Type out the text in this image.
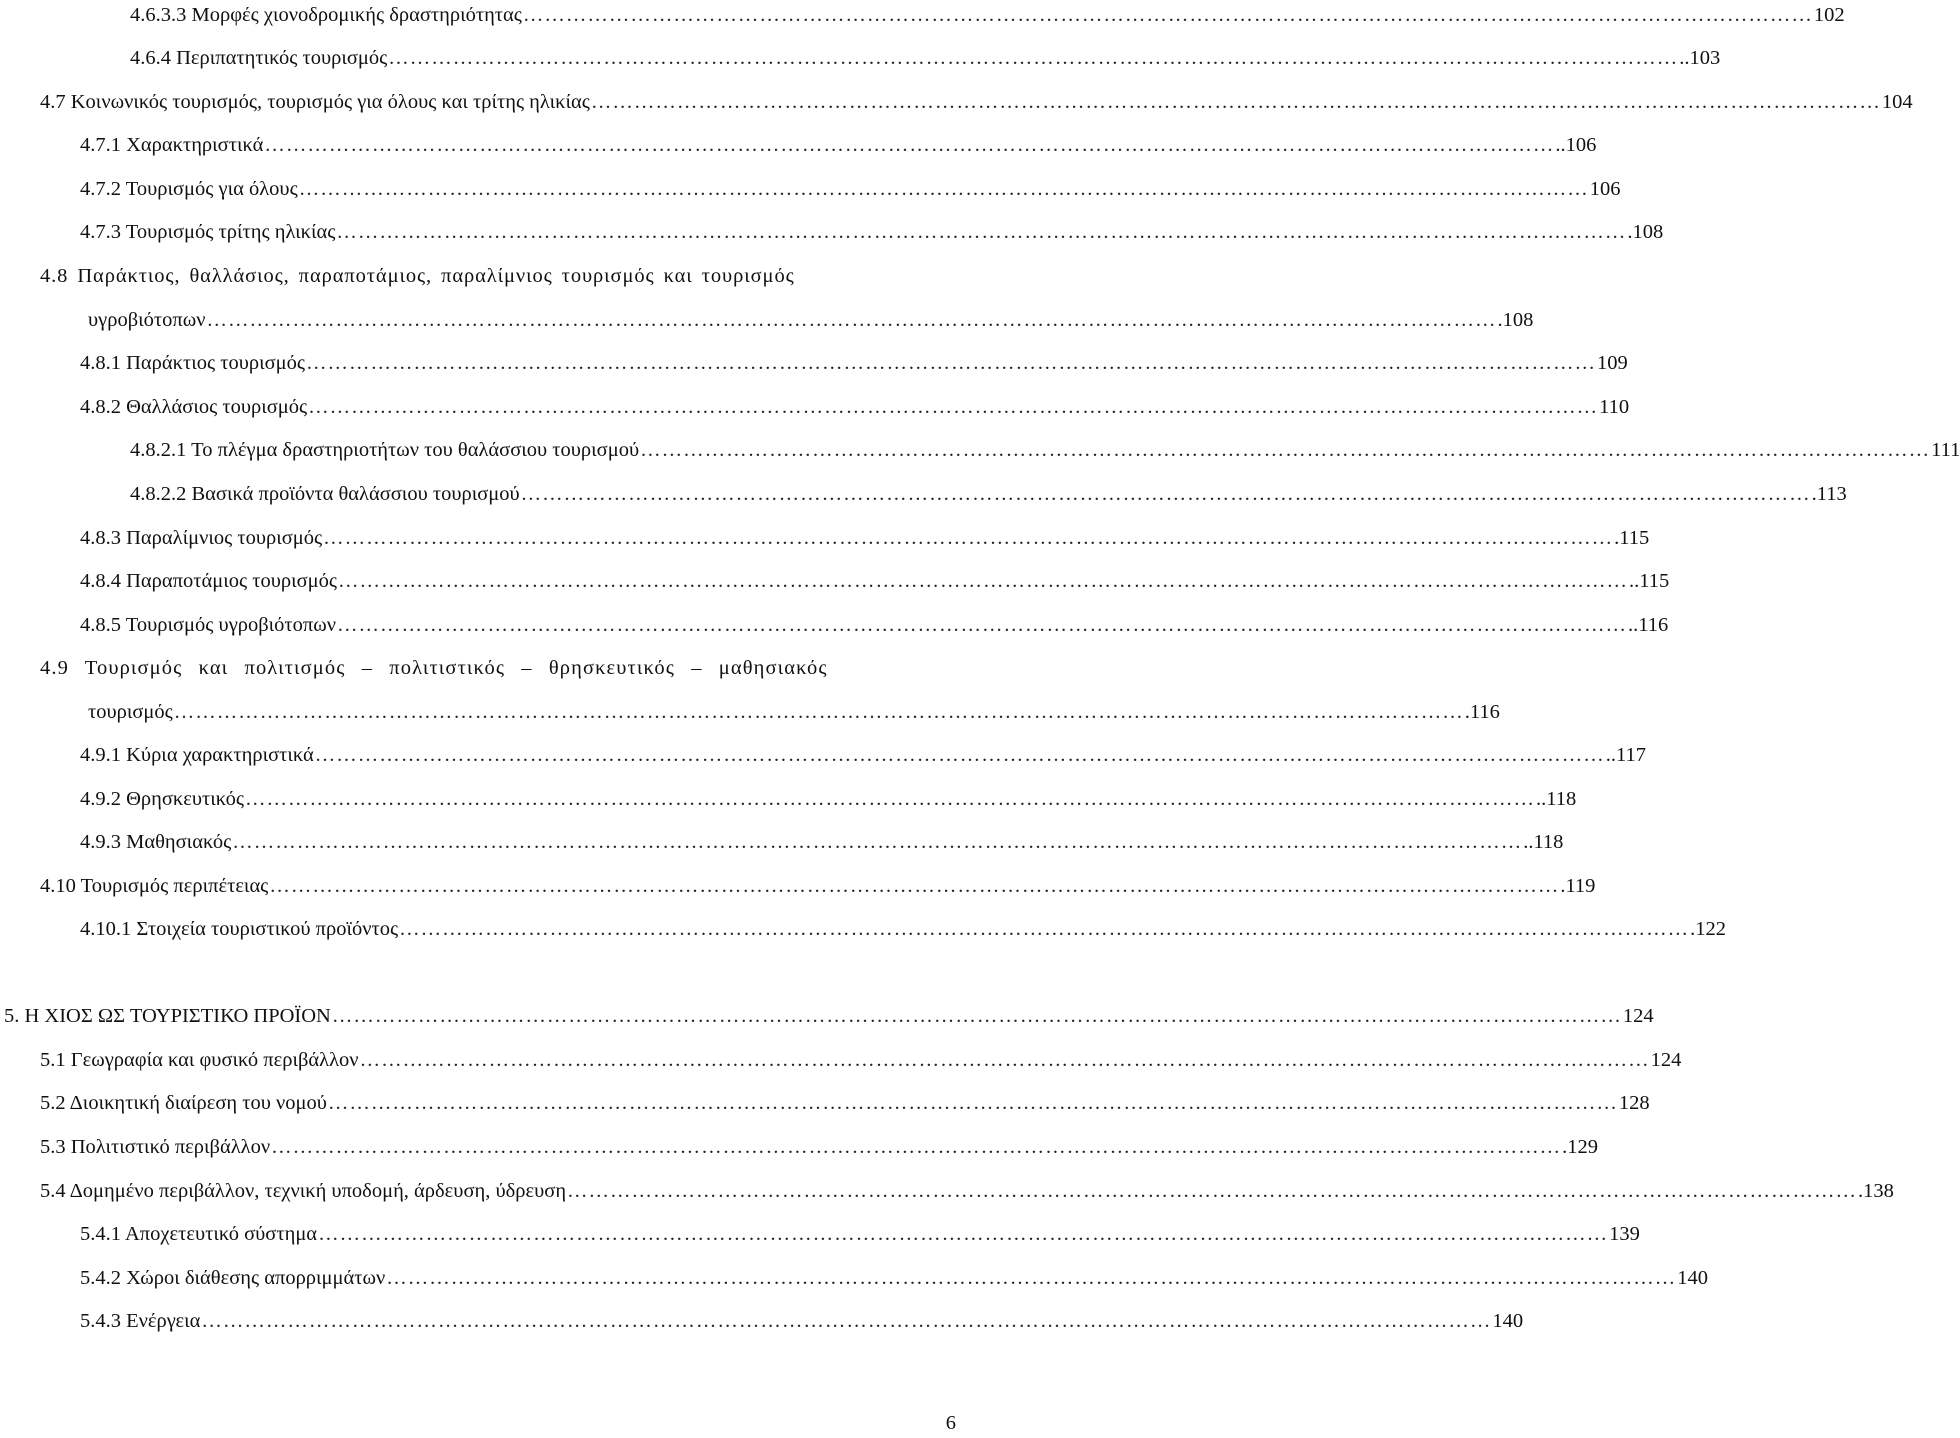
4.6.3.3 Μορφές χιονοδρομικής δραστηριότητας ……………………………………………………………………………………………………………………………………………………………… 102
4.6.4 Περιπατητικός τουρισμός ……………………………………………………………………………………………………………………………………………………………… ..103
4.7 Κοινωνικός τουρισμός, τουρισμός για όλους και τρίτης ηλικίας ……………………………………………………………………………………………………………………………………………………………… 104
4.7.1 Χαρακτηριστικά ……………………………………………………………………………………………………………………………………………………………… ..106
4.7.2 Τουρισμός για όλους ……………………………………………………………………………………………………………………………………………………………… 106
4.7.3 Τουρισμός τρίτης ηλικίας ……………………………………………………………………………………………………………………………………………………………… .108
4.8 Παράκτιος, θαλλάσιος, παραποτάμιος, παραλίμνιος τουρισμός και τουρισμός
υγροβιότοπων ……………………………………………………………………………………………………………………………………………………………… .108
4.8.1 Παράκτιος τουρισμός ……………………………………………………………………………………………………………………………………………………………… 109
4.8.2 Θαλλάσιος τουρισμός ……………………………………………………………………………………………………………………………………………………………… 110
4.8.2.1 Το πλέγμα δραστηριοτήτων του θαλάσσιου τουρισμού ……………………………………………………………………………………………………………………………………………………………… 111
4.8.2.2 Βασικά προϊόντα θαλάσσιου τουρισμού ……………………………………………………………………………………………………………………………………………………………… .113
4.8.3 Παραλίμνιος τουρισμός ……………………………………………………………………………………………………………………………………………………………… .115
4.8.4 Παραποτάμιος τουρισμός ……………………………………………………………………………………………………………………………………………………………… ..115
4.8.5 Τουρισμός υγροβιότοπων ……………………………………………………………………………………………………………………………………………………………… ..116
4.9 Τουρισμός και πολιτισμός – πολιτιστικός – θρησκευτικός – μαθησιακός
τουρισμός ……………………………………………………………………………………………………………………………………………………………… .116
4.9.1 Κύρια χαρακτηριστικά ……………………………………………………………………………………………………………………………………………………………… ..117
4.9.2 Θρησκευτικός ……………………………………………………………………………………………………………………………………………………………… ..118
4.9.3 Μαθησιακός ……………………………………………………………………………………………………………………………………………………………… ..118
4.10 Τουρισμός περιπέτειας ……………………………………………………………………………………………………………………………………………………………… .119
4.10.1 Στοιχεία τουριστικού προϊόντος ……………………………………………………………………………………………………………………………………………………………… .122
5. Η ΧΙΟΣ ΩΣ ΤΟΥΡΙΣΤΙΚΟ ΠΡΟΪΟΝ ……………………………………………………………………………………………………………………………………………………………… 124
5.1 Γεωγραφία και φυσικό περιβάλλον ……………………………………………………………………………………………………………………………………………………………… 124
5.2 Διοικητική διαίρεση του νομού ……………………………………………………………………………………………………………………………………………………………… 128
5.3 Πολιτιστικό περιβάλλον ……………………………………………………………………………………………………………………………………………………………… .129
5.4 Δομημένο περιβάλλον, τεχνική υποδομή, άρδευση, ύδρευση ……………………………………………………………………………………………………………………………………………………………… .138
5.4.1 Αποχετευτικό σύστημα ……………………………………………………………………………………………………………………………………………………………… 139
5.4.2 Χώροι διάθεσης απορριμμάτων ……………………………………………………………………………………………………………………………………………………………… 140
5.4.3 Ενέργεια ……………………………………………………………………………………………………………………………………………………………… 140
6
